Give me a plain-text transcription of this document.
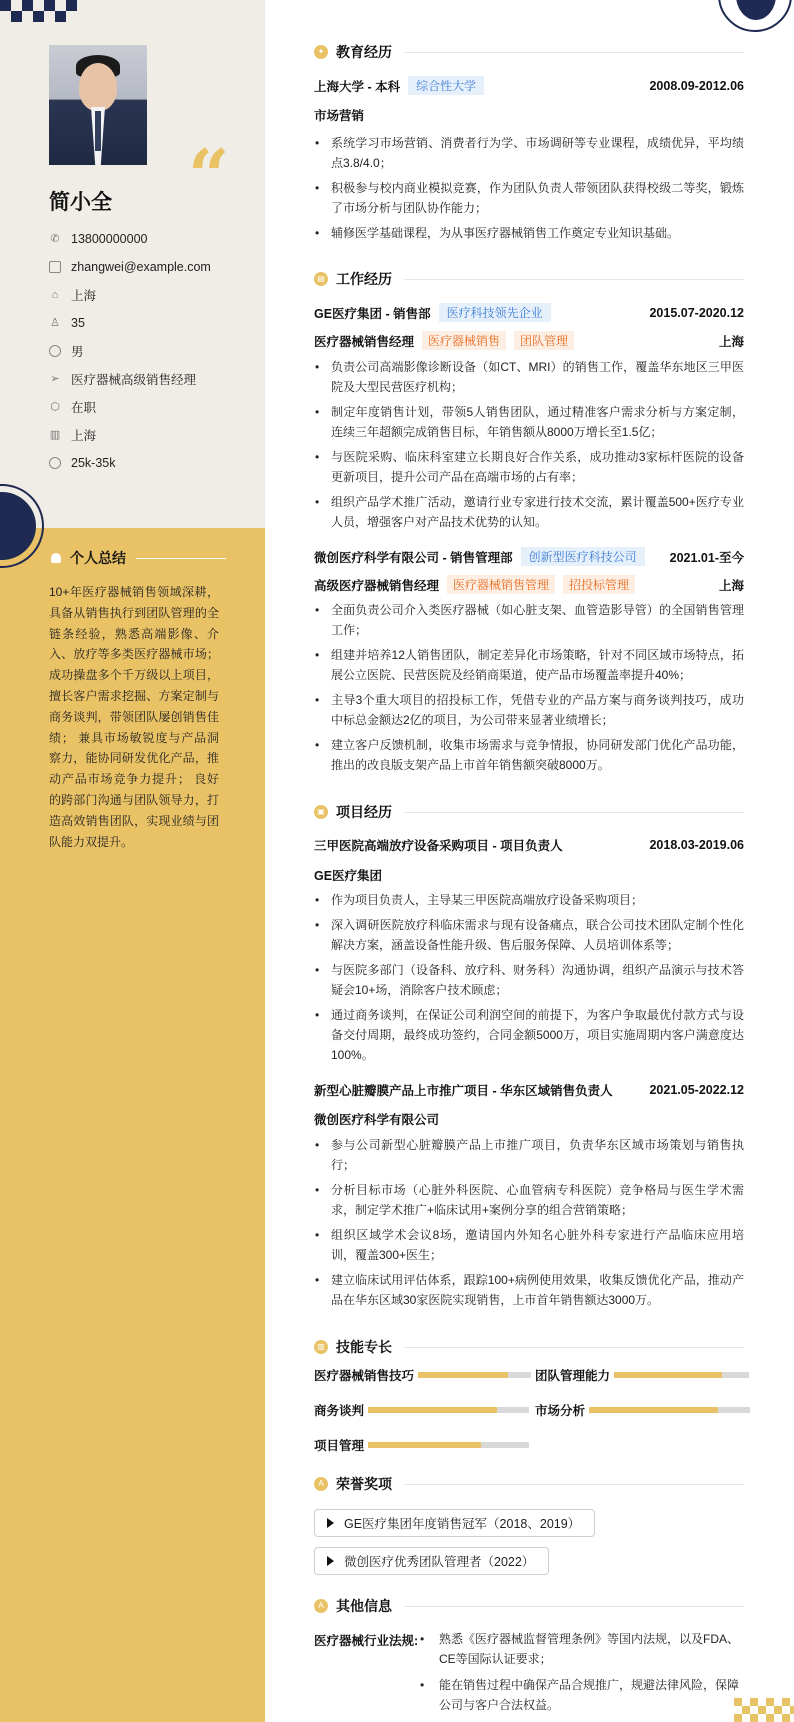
“
简小全
✆ 13800000000
zhangwei@example.com
⌂ 上海
♙ 35
男
➢ 医疗器械高级销售经理
⬡ 在职
▥ 上海
25k-35k
个人总结
10+年医疗器械销售领域深耕，具备从销售执行到团队管理的全链条经验，熟悉高端影像、介入、放疗等多类医疗器械市场； 成功操盘多个千万级以上项目，擅长客户需求挖掘、方案定制与商务谈判，带领团队屡创销售佳绩； 兼具市场敏锐度与产品洞察力，能协同研发优化产品，推动产品市场竞争力提升； 良好的跨部门沟通与团队领导力，打造高效销售团队，实现业绩与团队能力双提升。
✦ 教育经历
上海大学 - 本科	综合性大学	2008.09-2012.06
市场营销
• 系统学习市场营销、消费者行为学、市场调研等专业课程，成绩优异，平均绩点3.8/4.0；
• 积极参与校内商业模拟竞赛，作为团队负责人带领团队获得校级二等奖，锻炼了市场分析与团队协作能力；
• 辅修医学基础课程，为从事医疗器械销售工作奠定专业知识基础。
▤ 工作经历
GE医疗集团 - 销售部	医疗科技领先企业	2015.07-2020.12
医疗器械销售经理	医疗器械销售	团队管理	上海
• 负责公司高端影像诊断设备（如CT、MRI）的销售工作，覆盖华东地区三甲医院及大型民营医疗机构；
• 制定年度销售计划，带领5人销售团队，通过精准客户需求分析与方案定制，连续三年超额完成销售目标，年销售额从8000万增长至1.5亿；
• 与医院采购、临床科室建立长期良好合作关系，成功推动3家标杆医院的设备更新项目，提升公司产品在高端市场的占有率；
• 组织产品学术推广活动，邀请行业专家进行技术交流，累计覆盖500+医疗专业人员，增强客户对产品技术优势的认知。
微创医疗科学有限公司 - 销售管理部	创新型医疗科技公司	2021.01-至今
高级医疗器械销售经理	医疗器械销售管理	招投标管理	上海
• 全面负责公司介入类医疗器械（如心脏支架、血管造影导管）的全国销售管理工作；
• 组建并培养12人销售团队，制定差异化市场策略，针对不同区域市场特点，拓展公立医院、民营医院及经销商渠道，使产品市场覆盖率提升40%；
• 主导3个重大项目的招投标工作，凭借专业的产品方案与商务谈判技巧，成功中标总金额达2亿的项目，为公司带来显著业绩增长；
• 建立客户反馈机制，收集市场需求与竞争情报，协同研发部门优化产品功能，推出的改良版支架产品上市首年销售额突破8000万。
▣ 项目经历
三甲医院高端放疗设备采购项目 - 项目负责人	2018.03-2019.06
GE医疗集团
• 作为项目负责人，主导某三甲医院高端放疗设备采购项目；
• 深入调研医院放疗科临床需求与现有设备痛点，联合公司技术团队定制个性化解决方案，涵盖设备性能升级、售后服务保障、人员培训体系等；
• 与医院多部门（设备科、放疗科、财务科）沟通协调，组织产品演示与技术答疑会10+场，消除客户技术顾虑；
• 通过商务谈判，在保证公司利润空间的前提下，为客户争取最优付款方式与设备交付周期，最终成功签约，合同金额5000万，项目实施周期内客户满意度达100%。
新型心脏瓣膜产品上市推广项目 - 华东区域销售负责人	2021.05-2022.12
微创医疗科学有限公司
• 参与公司新型心脏瓣膜产品上市推广项目，负责华东区域市场策划与销售执行；
• 分析目标市场（心脏外科医院、心血管病专科医院）竞争格局与医生学术需求，制定学术推广+临床试用+案例分享的组合营销策略；
• 组织区域学术会议8场，邀请国内外知名心脏外科专家进行产品临床应用培训，覆盖300+医生；
• 建立临床试用评估体系，跟踪100+病例使用效果，收集反馈优化产品，推动产品在华东区域30家医院实现销售，上市首年销售额达3000万。
▥ 技能专长
医疗器械销售技巧	团队管理能力
商务谈判	市场分析
项目管理
A 荣誉奖项
GE医疗集团年度销售冠军（2018、2019）
微创医疗优秀团队管理者（2022）
A 其他信息
医疗器械行业法规:
•	熟悉《医疗器械监督管理条例》等国内法规，以及FDA、CE等国际认证要求；
• 能在销售过程中确保产品合规推广，规避法律风险，保障公司与客户合法权益。
